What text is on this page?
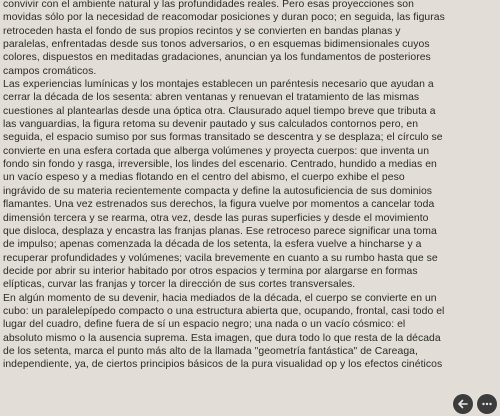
convivir con el ambiente natural y las profundidades reales. Pero esas proyecciones son
movidas sólo por la necesidad de reacomodar posiciones y duran poco; en seguida, las figuras
retroceden hasta el fondo de sus propios recintos y se convierten en bandas planas y
paralelas, enfrentadas desde sus tonos adversarios, o en esquemas bidimensionales cuyos
colores, dispuestos en meditadas gradaciones, anuncian ya los fundamentos de posteriores
campos cromáticos.
Las experiencias lumínicas y los montajes establecen un paréntesis necesario que ayudan a
cerrar la década de los sesenta: abren ventanas y renuevan el tratamiento de las mismas
cuestiones al plantearlas desde una óptica otra. Clausurado aquel tiempo breve que tributa a
las vanguardias, la figura retoma su devenir pautado y sus calculados contornos pero, en
seguida, el espacio sumiso por sus formas transitado se descentra y se desplaza; el círculo se
convierte en una esfera cortada que alberga volúmenes y proyecta cuerpos: que inventa un
fondo sin fondo y rasga, irreversible, los lindes del escenario. Centrado, hundido a medias en
un vacío espeso y a medias flotando en el centro del abismo, el cuerpo exhibe el peso
ingrávido de su materia recientemente compacta y define la autosuficiencia de sus dominios
flamantes. Una vez estrenados sus derechos, la figura vuelve por momentos a cancelar toda
dimensión tercera y se rearma, otra vez, desde las puras superficies y desde el movimiento
que disloca, desplaza y encastra las franjas planas. Ese retroceso parece significar una toma
de impulso; apenas comenzada la década de los setenta, la esfera vuelve a hincharse y a
recuperar profundidades y volúmenes; vacila brevemente en cuanto a su rumbo hasta que se
decide por abrir su interior habitado por otros espacios y termina por alargarse en formas
elípticas, curvar las franjas y torcer la dirección de sus cortes transversales.
En algún momento de su devenir, hacia mediados de la década, el cuerpo se convierte en un
cubo: un paralelepípedo compacto o una estructura abierta que, ocupando, frontal, casi todo el
lugar del cuadro, define fuera de sí un espacio negro; una nada o un vacío cósmico: el
absoluto mismo o la ausencia suprema. Esta imagen, que dura todo lo que resta de la década
de los setenta, marca el punto más alto de la llamada "geometría fantástica" de Careaga,
independiente, ya, de ciertos principios básicos de la pura visualidad op y los efectos cinéticos
